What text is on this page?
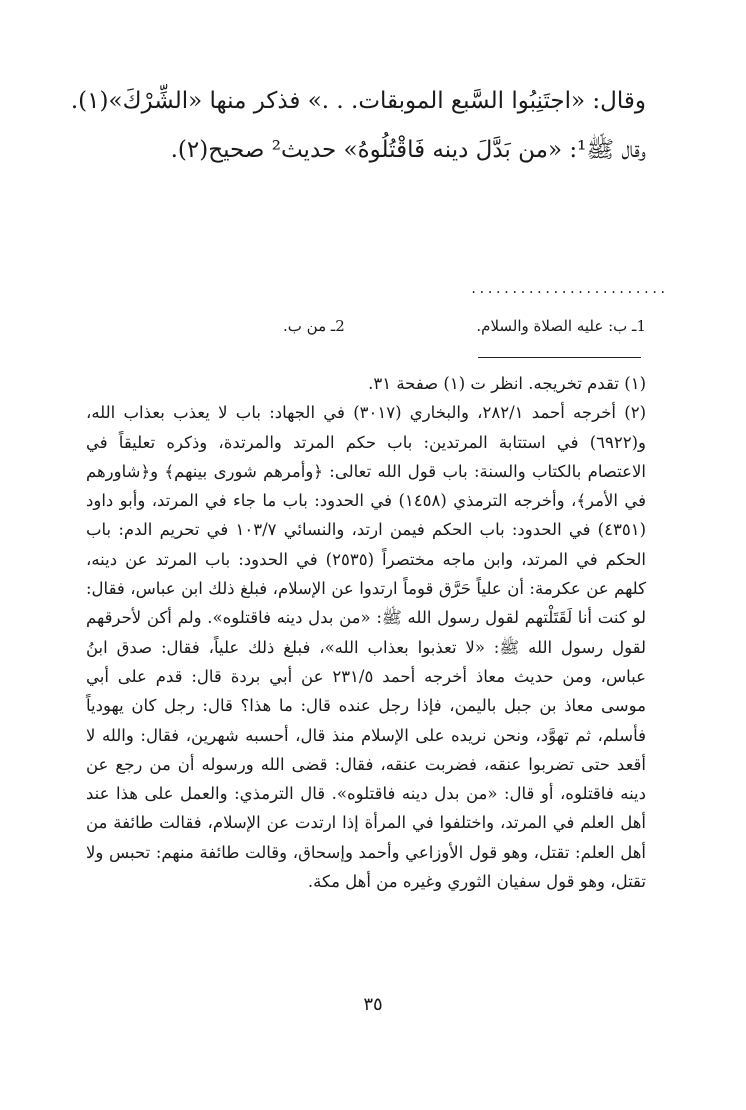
وقال: «اجتَنِبُوا السَّبع الموبقات. . .» فذكر منها «الشِّرْكَ»(١).
وقال ﷺ¹: «من بَدَّلَ دينه فَاقْتُلُوهُ» حديث² صحيح(٢).
........................
1ـ ب: عليه الصلاة والسلام.
2ـ من ب.

(١) تقدم تخريجه. انظر ت (١) صفحة ٣١.

(٢) أخرجه أحمد ٢٨٢/١، والبخاري (٣٠١٧) في الجهاد: باب لا يعذب بعذاب الله، و(٦٩٢٢) في استتابة المرتدين: باب حكم المرتد والمرتدة، وذكره تعليقاً في الاعتصام بالكتاب والسنة: باب قول الله تعالى: ﴿وأمرهم شورى بينهم﴾ و﴿شاورهم في الأمر﴾، وأخرجه الترمذي (١٤٥٨) في الحدود: باب ما جاء في المرتد، وأبو داود (٤٣٥١) في الحدود: باب الحكم فيمن ارتد، والنسائي ١٠٣/٧ في تحريم الدم: باب الحكم في المرتد، وابن ماجه مختصراً (٢٥٣٥) في الحدود: باب المرتد عن دينه، كلهم عن عكرمة: أن علياً حَرَّق قوماً ارتدوا عن الإسلام، فبلغ ذلك ابن عباس، فقال: لو كنت أنا لَقَتَلْتهم لقول رسول الله ﷺ: «من بدل دينه فاقتلوه». ولم أكن لأحرقهم لقول رسول الله ﷺ: «لا تعذبوا بعذاب الله»، فبلغ ذلك علياً، فقال: صدق ابنُ عباس، ومن حديث معاذ أخرجه أحمد ٢٣١/٥ عن أبي بردة قال: قدم على أبي موسى معاذ بن جبل باليمن، فإذا رجل عنده قال: ما هذا؟ قال: رجل كان يهودياً فأسلم، ثم تهوَّد، ونحن نريده على الإسلام منذ قال، أحسبه شهرين، فقال: والله لا أقعد حتى تضربوا عنقه، فضربت عنقه، فقال: قضى الله ورسوله أن من رجع عن دينه فاقتلوه، أو قال: «من بدل دينه فاقتلوه». قال الترمذي: والعمل على هذا عند أهل العلم في المرتد، واختلفوا في المرأة إذا ارتدت عن الإسلام، فقالت طائفة من أهل العلم: تقتل، وهو قول الأوزاعي وأحمد وإسحاق، وقالت طائفة منهم: تحبس ولا تقتل، وهو قول سفيان الثوري وغيره من أهل مكة.

٣٥
